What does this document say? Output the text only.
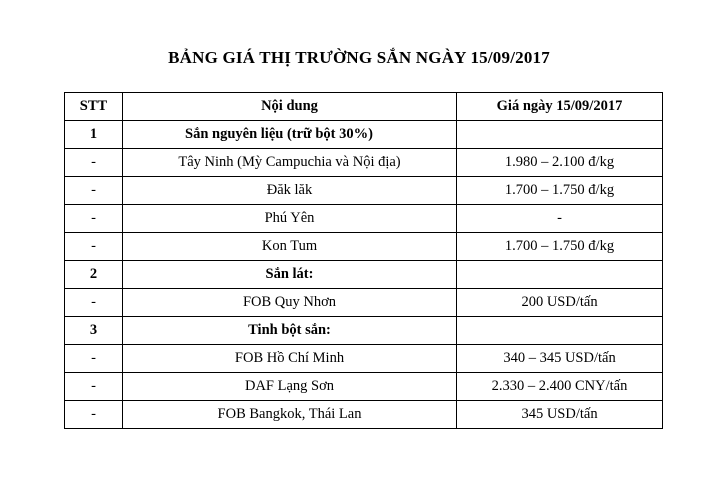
BẢNG GIÁ THỊ TRƯỜNG SẮN NGÀY 15/09/2017
STT	Nội dung	Giá ngày 15/09/2017
1	Sắn nguyên liệu (trữ bột 30%)	
-	Tây Ninh (Mỳ Campuchia và Nội địa)	1.980 – 2.100 đ/kg
-	Đăk lăk	1.700 – 1.750 đ/kg
-	Phú Yên	-
-	Kon Tum	1.700 – 1.750 đ/kg
2	Sắn lát:	
-	FOB Quy Nhơn	200 USD/tấn
3	Tinh bột sắn:	
-	FOB Hồ Chí Minh	340 – 345 USD/tấn
-	DAF Lạng Sơn	2.330 – 2.400 CNY/tấn
-	FOB Bangkok, Thái Lan	345 USD/tấn
